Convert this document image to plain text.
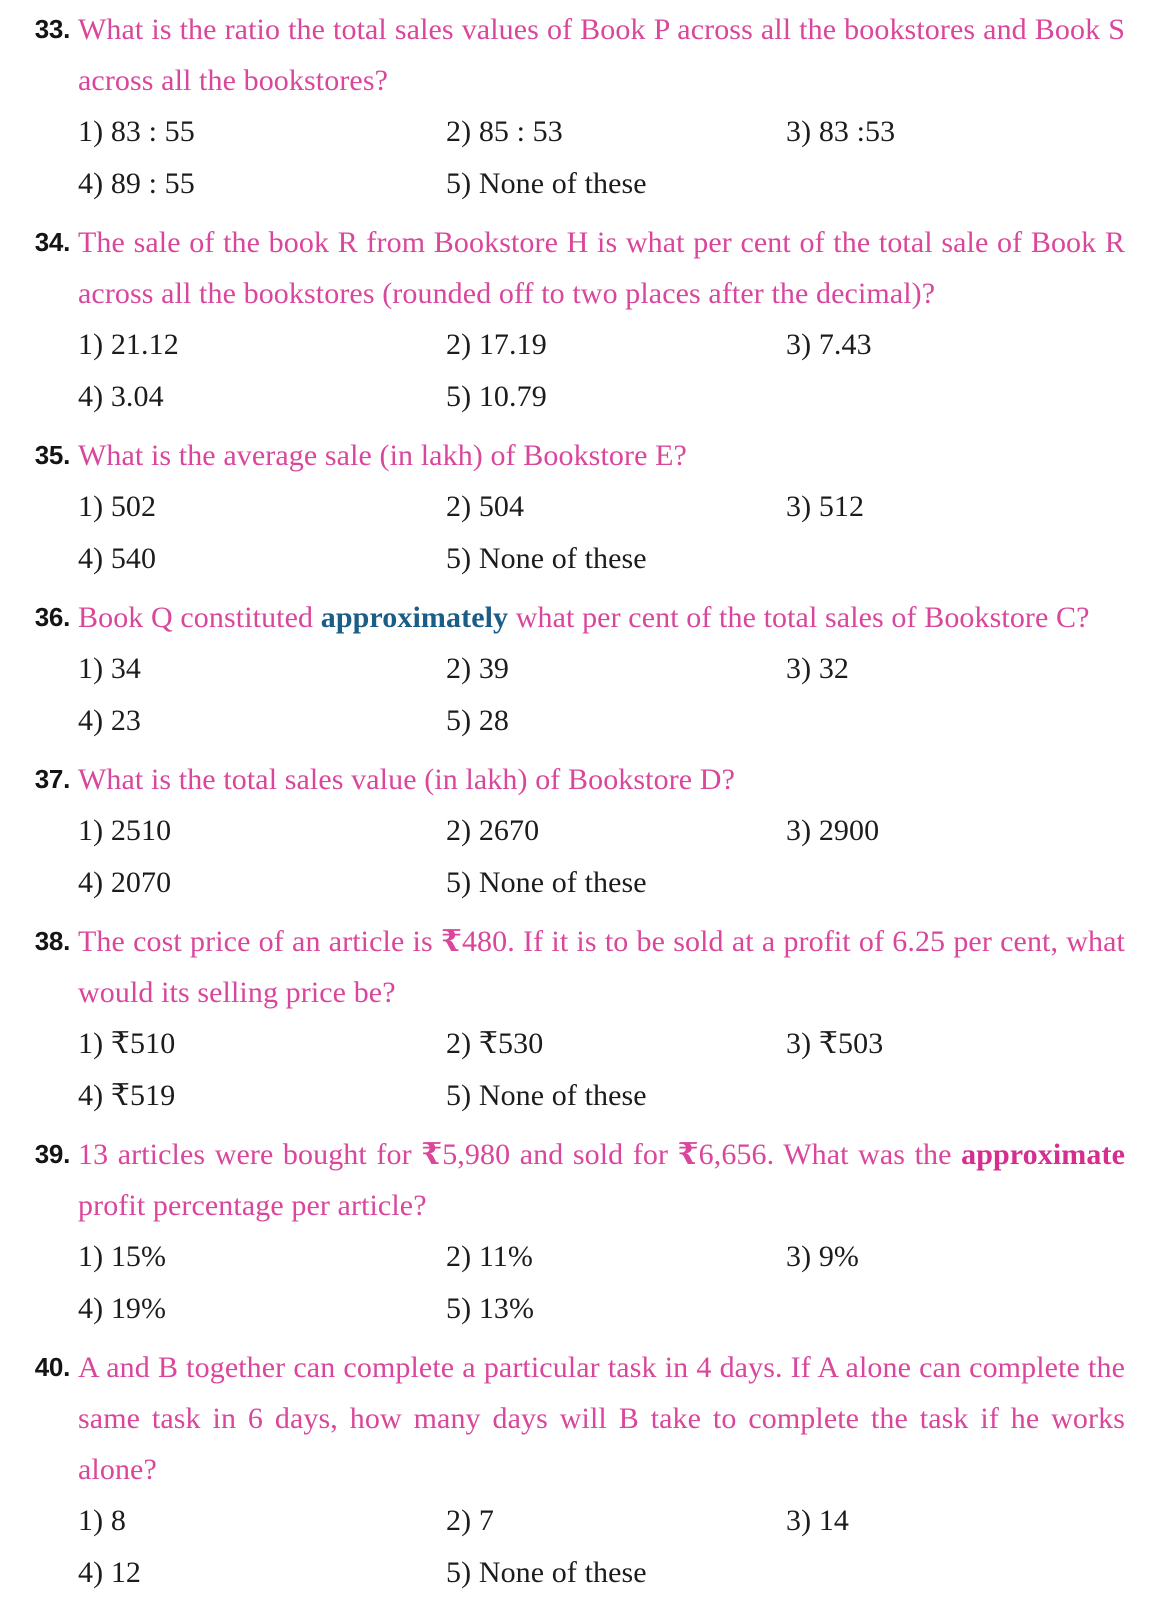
33. What is the ratio the total sales values of Book P across all the bookstores and Book S across all the bookstores?

1) 83 : 55	2) 85 : 53	3) 83 :53
4) 89 : 55	5) None of these
34. The sale of the book R from Bookstore H is what per cent of the total sale of Book R across all the bookstores (rounded off to two places after the decimal)?

1) 21.12	2) 17.19	3) 7.43
4) 3.04	5) 10.79
35. What is the average sale (in lakh) of Bookstore E?

1) 502	2) 504	3) 512
4) 540	5) None of these
36. Book Q constituted approximately what per cent of the total sales of Bookstore C?

1) 34	2) 39	3) 32
4) 23	5) 28
37. What is the total sales value (in lakh) of Bookstore D?

1) 2510	2) 2670	3) 2900
4) 2070	5) None of these
38. The cost price of an article is ₹480. If it is to be sold at a profit of 6.25 per cent, what would its selling price be?

1) ₹510	2) ₹530	3) ₹503
4) ₹519	5) None of these
39. 13 articles were bought for ₹5,980 and sold for ₹6,656. What was the approximate profit percentage per article?

1) 15%	2) 11%	3) 9%
4) 19%	5) 13%
40. A and B together can complete a particular task in 4 days. If A alone can complete the same task in 6 days, how many days will B take to complete the task if he works alone?

1) 8	2) 7	3) 14
4) 12	5) None of these
